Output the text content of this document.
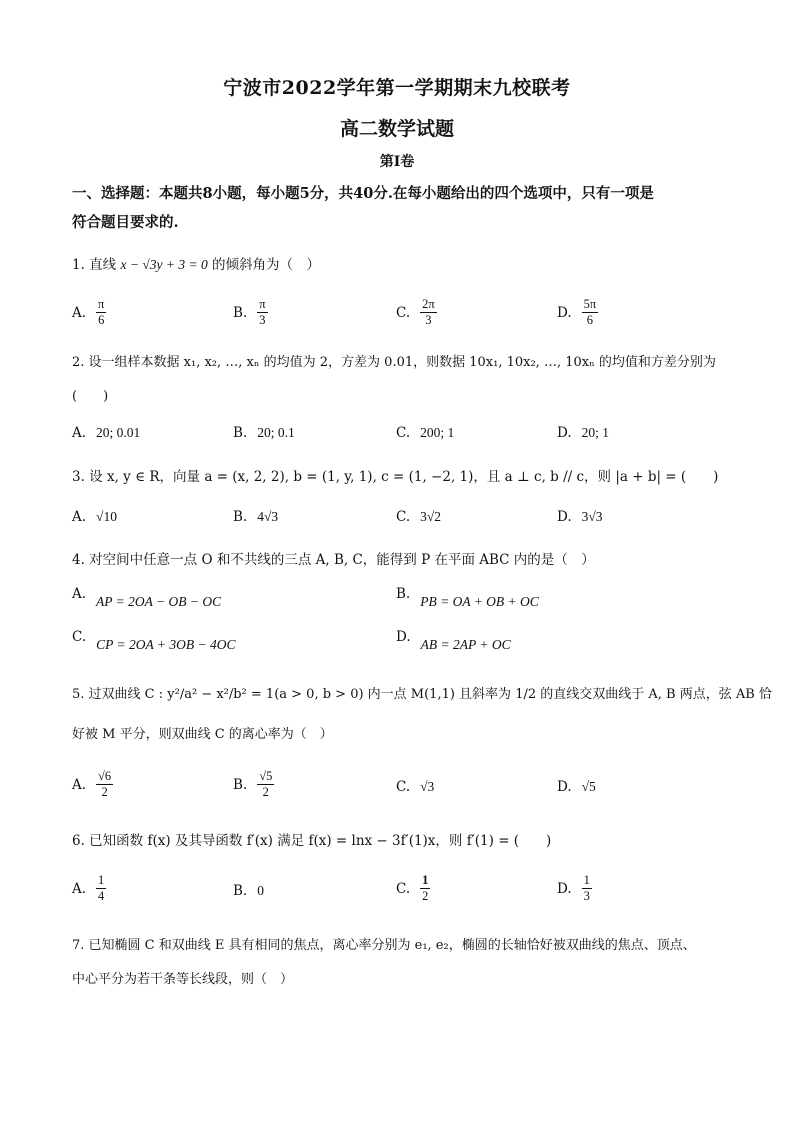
宁波市2022学年第一学期期末九校联考
高二数学试题
第I卷
一、选择题：本题共8小题，每小题5分，共40分.在每小题给出的四个选项中，只有一项是
符合题目要求的.
1. 直线 x − √3y + 3 = 0 的倾斜角为（　）
A. $\frac{\pi}{6}$	B. $\frac{\pi}{3}$	C. $\frac{2\pi}{3}$	D. $\frac{5\pi}{6}$
2. 设一组样本数据 x₁, x₂, …, xₙ 的均值为 2，方差为 0.01，则数据 10x₁, 10x₂, …, 10xₙ 的均值和方差分别为
(　　)
A. 20; 0.01	B. 20; 0.1	C. 200; 1	D. 20; 1
3. 设 x, y ∈ R，向量 a = (x, 2, 2), b = (1, y, 1), c = (1, −2, 1)，且 a ⊥ c, b // c，则 |a + b| = (　　)
A. √10	B. 4√3	C. 3√2	D. 3√3
4. 对空间中任意一点 O 和不共线的三点 A, B, C，能得到 P 在平面 ABC 内的是（　）
A. AP = 2OA − OB − OC	B. PB = OA + OB + OC
C. CP = 2OA + 3OB − 4OC	D. AB = 2AP + OC
5. 过双曲线 C : y²/a² − x²/b² = 1(a > 0, b > 0) 内一点 M(1,1) 且斜率为 1/2 的直线交双曲线于 A, B 两点，弦 AB 恰
好被 M 平分，则双曲线 C 的离心率为（　）
A. $\frac{√6}{2}$	B. $\frac{√5}{2}$	C. √3	D. √5
6. 已知函数 f(x) 及其导函数 f′(x) 满足 f(x) = lnx − 3f′(1)x，则 f′(1) = (　　)
A. $\frac{1}{4}$	B. 0	C. $\frac{1}{2}$	D. $\frac{1}{3}$
7. 已知椭圆 C 和双曲线 E 具有相同的焦点，离心率分别为 e₁, e₂，椭圆的长轴恰好被双曲线的焦点、顶点、
中心平分为若干条等长线段，则（　）
